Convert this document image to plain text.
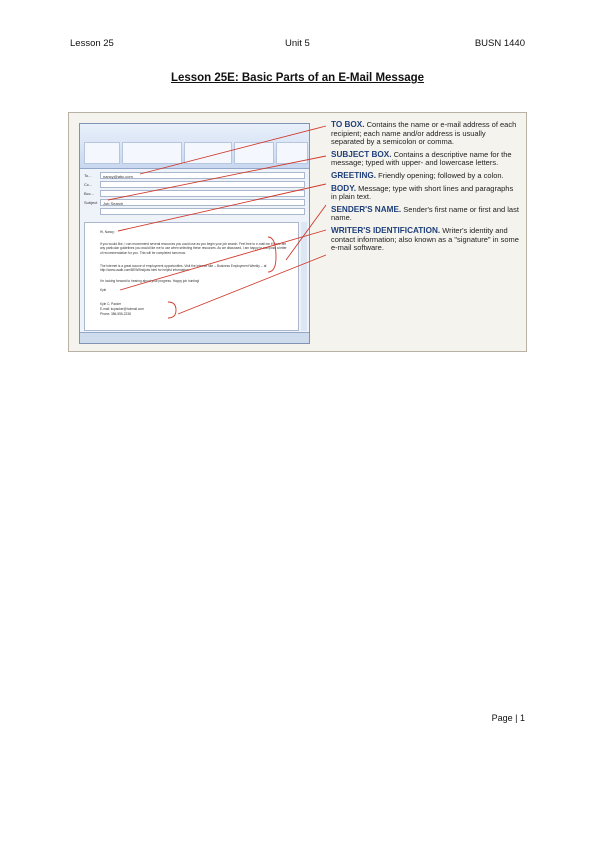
Lesson 25	Unit 5	BUSN 1440
Lesson 25E: Basic Parts of an E-Mail Message
To...	nancy@abc.com
Cc...
Bcc...
Subject	Job Search
Hi, Nancy:
If you would like, I can recommend several resources you could use as you begin your job search. Feel free to e-mail me if there are any particular guidelines you would like me to use when selecting these resources. As we discussed, I am happy to compose a letter of recommendation for you. This will be completed tomorrow.
The Internet is a great source of employment opportunities. Visit the Internet site -- Business Employment Weekly -- at http://www.usalb.com/BEW/findjobs.html for helpful information.
I'm looking forward to hearing about your progress. Happy job hunting!
Kyle
Kyle C. Packer
E-mail: kcpacker@hotmail.com
Phone: 386-555-2238
TO BOX. Contains the name or e-mail address of each recipient; each name and/or address is usually separated by a semicolon or comma.
SUBJECT BOX. Contains a descriptive name for the message; typed with upper- and lowercase letters.
GREETING. Friendly opening; followed by a colon.
BODY. Message; type with short lines and paragraphs in plain text.
SENDER'S NAME. Sender's first name or first and last name.
WRITER'S IDENTIFICATION. Writer's identity and contact information; also known as a "signature" in some e-mail software.
Page | 1
